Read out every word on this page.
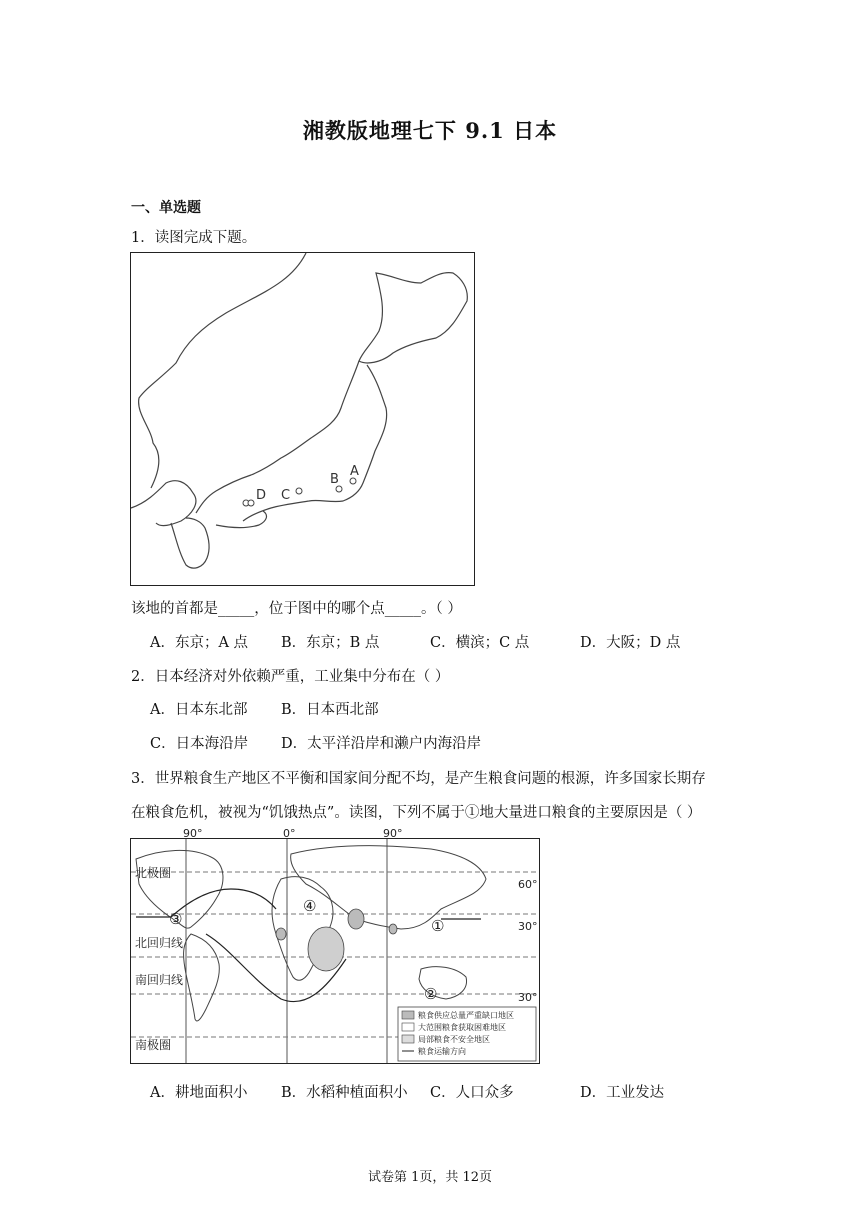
湘教版地理七下 9.1 日本
一、单选题
1．读图完成下题。
A
B
C
D
该地的首都是_____，位于图中的哪个点_____。（ ）
A．东京；A 点 B．东京；B 点	C．横滨；C 点	D．大阪；D 点
2．日本经济对外依赖严重，工业集中分布在（ ）
A．日本东北部 B．日本西北部
C．日本海沿岸 D．太平洋沿岸和濑户内海沿岸
3．世界粮食生产地区不平衡和国家间分配不均，是产生粮食问题的根源，许多国家长期存
在粮食危机，被视为“饥饿热点”。读图，下列不属于①地大量进口粮食的主要原因是（ ）
90°	0°	90°
60°
30°
30°
北极圈
北回归线
南回归线
南极圈
①
②
③
④
粮食供应总量严重缺口地区
大范围粮食获取困难地区
局部粮食不安全地区
粮食运输方向
A．耕地面积小 B．水稻种植面积小 C．人口众多	D．工业发达
试卷第 1页，共 12页
